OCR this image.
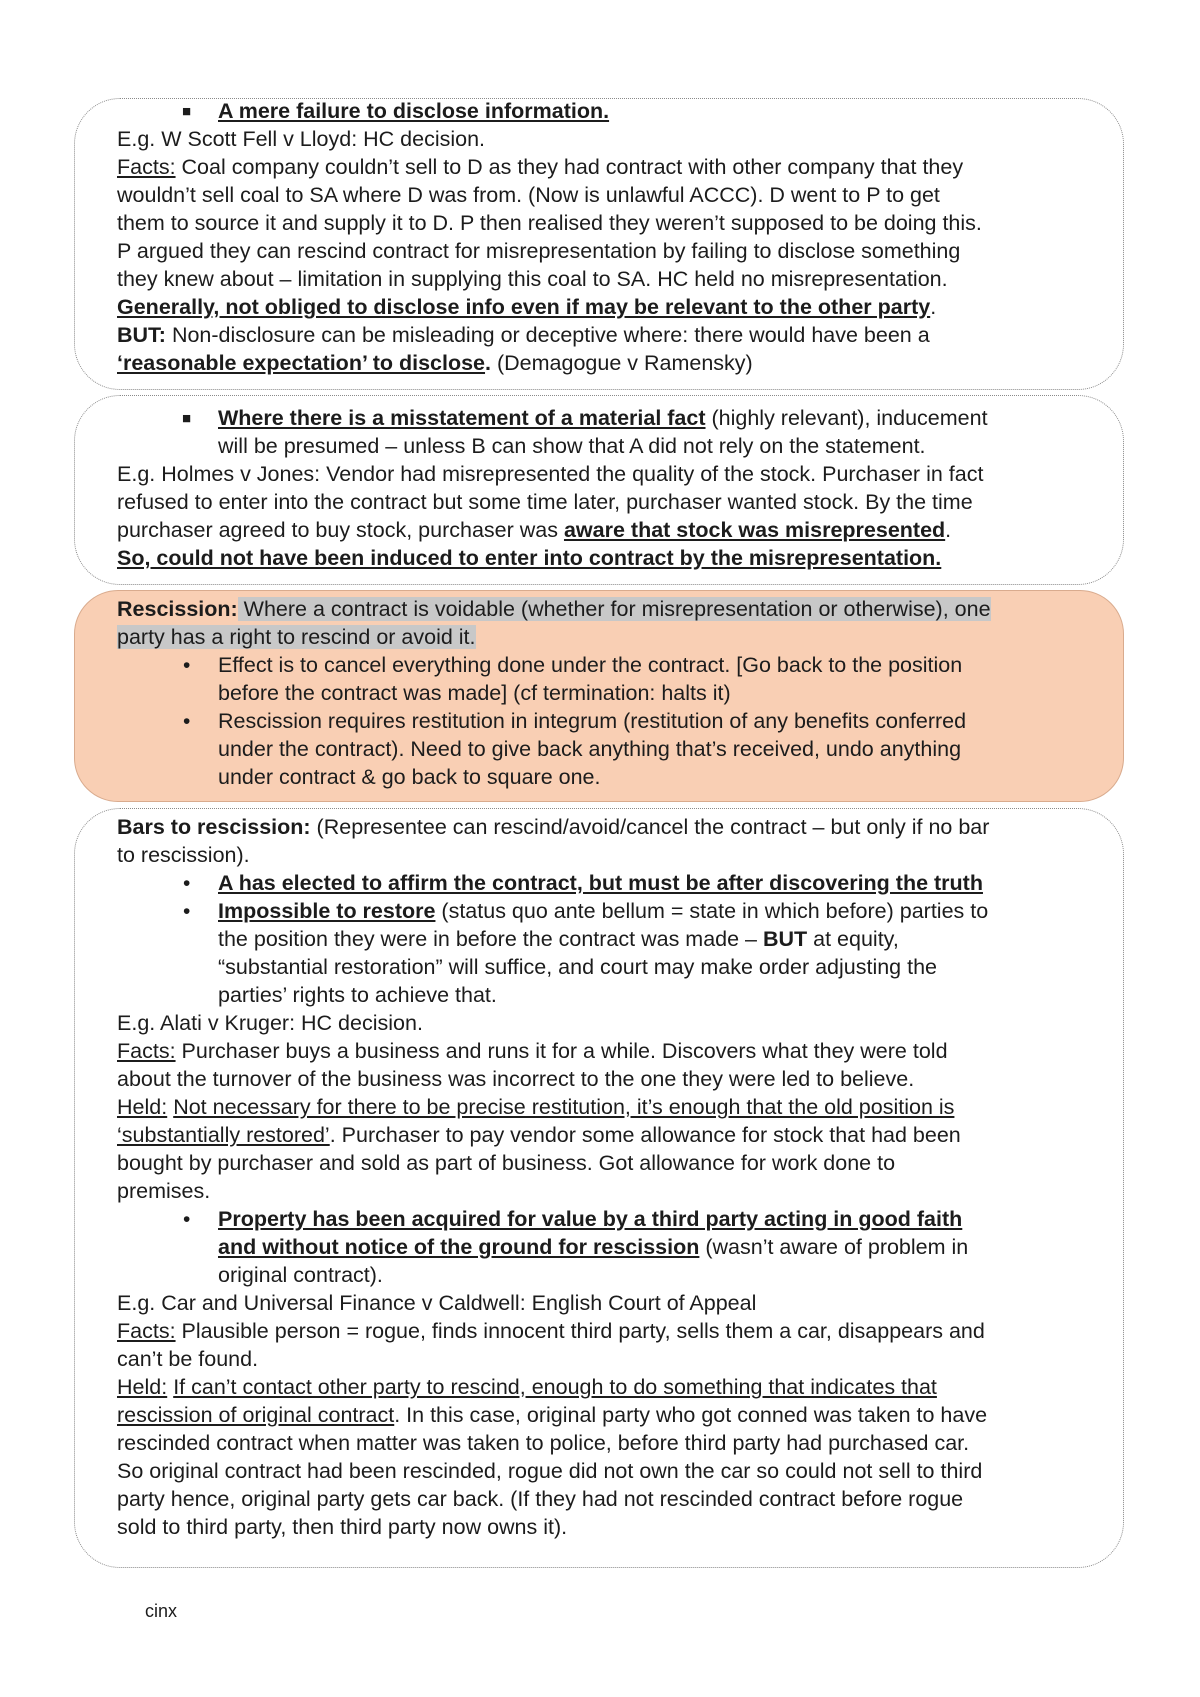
■ A mere failure to disclose information.
E.g. W Scott Fell v Lloyd: HC decision.
Facts: Coal company couldn’t sell to D as they had contract with other company that they
wouldn’t sell coal to SA where D was from. (Now is unlawful ACCC). D went to P to get
them to source it and supply it to D. P then realised they weren’t supposed to be doing this.
P argued they can rescind contract for misrepresentation by failing to disclose something
they knew about – limitation in supplying this coal to SA. HC held no misrepresentation.
Generally, not obliged to disclose info even if may be relevant to the other party.
BUT: Non-disclosure can be misleading or deceptive where: there would have been a
‘reasonable expectation’ to disclose. (Demagogue v Ramensky)
■ Where there is a misstatement of a material fact (highly relevant), inducement
will be presumed – unless B can show that A did not rely on the statement.
E.g. Holmes v Jones: Vendor had misrepresented the quality of the stock. Purchaser in fact
refused to enter into the contract but some time later, purchaser wanted stock. By the time
purchaser agreed to buy stock, purchaser was aware that stock was misrepresented.
So, could not have been induced to enter into contract by the misrepresentation.
Rescission: Where a contract is voidable (whether for misrepresentation or otherwise), one
party has a right to rescind or avoid it.
• Effect is to cancel everything done under the contract. [Go back to the position
before the contract was made] (cf termination: halts it)
• Rescission requires restitution in integrum (restitution of any benefits conferred
under the contract). Need to give back anything that’s received, undo anything
under contract & go back to square one.
Bars to rescission: (Representee can rescind/avoid/cancel the contract – but only if no bar
to rescission).
• A has elected to affirm the contract, but must be after discovering the truth
• Impossible to restore (status quo ante bellum = state in which before) parties to
the position they were in before the contract was made – BUT at equity,
“substantial restoration” will suffice, and court may make order adjusting the
parties’ rights to achieve that.
E.g. Alati v Kruger: HC decision.
Facts: Purchaser buys a business and runs it for a while. Discovers what they were told
about the turnover of the business was incorrect to the one they were led to believe.
Held: Not necessary for there to be precise restitution, it’s enough that the old position is
‘substantially restored’. Purchaser to pay vendor some allowance for stock that had been
bought by purchaser and sold as part of business. Got allowance for work done to
premises.
• Property has been acquired for value by a third party acting in good faith
and without notice of the ground for rescission (wasn’t aware of problem in
original contract).
E.g. Car and Universal Finance v Caldwell: English Court of Appeal
Facts: Plausible person = rogue, finds innocent third party, sells them a car, disappears and
can’t be found.
Held: If can’t contact other party to rescind, enough to do something that indicates that
rescission of original contract. In this case, original party who got conned was taken to have
rescinded contract when matter was taken to police, before third party had purchased car.
So original contract had been rescinded, rogue did not own the car so could not sell to third
party hence, original party gets car back. (If they had not rescinded contract before rogue
sold to third party, then third party now owns it).
cinx
